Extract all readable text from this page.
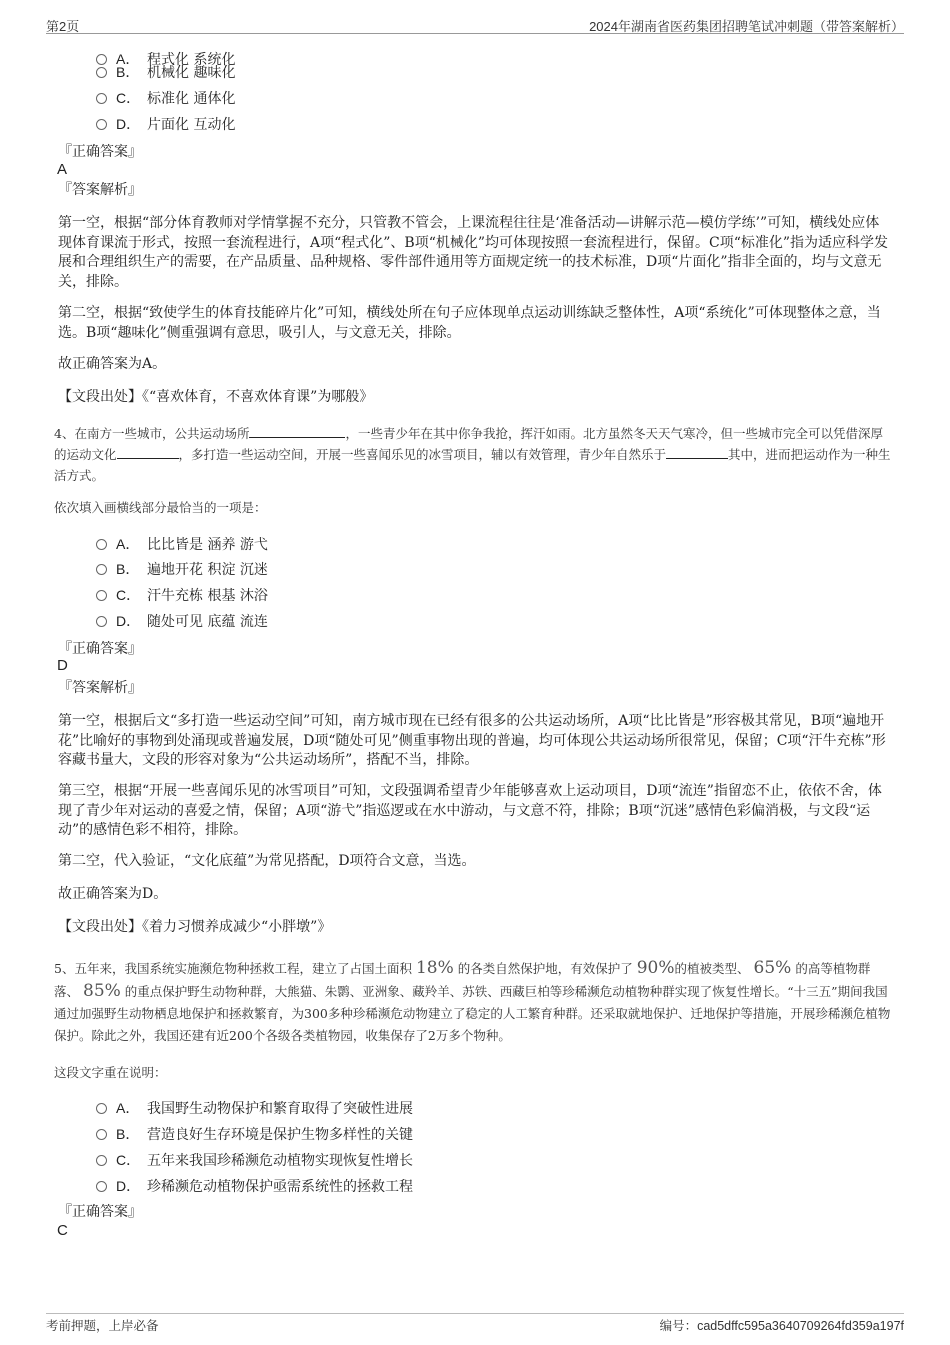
第2页	2024年湖南省医药集团招聘笔试冲刺题（带答案解析）
A． 程式化 系统化
B． 机械化 趣味化
C． 标准化 通体化
D． 片面化 互动化
『正确答案』
A
『答案解析』
第一空，根据“部分体育教师对学情掌握不充分，只管教不管会，上课流程往往是‘准备活动—讲解示范—模仿学练’”可知，横线处应体现体育课流于形式，按照一套流程进行，A项“程式化”、B项“机械化”均可体现按照一套流程进行，保留。C项“标准化”指为适应科学发展和合理组织生产的需要，在产品质量、品种规格、零件部件通用等方面规定统一的技术标准，D项“片面化”指非全面的，均与文意无关，排除。
第二空，根据“致使学生的体育技能碎片化”可知，横线处所在句子应体现单点运动训练缺乏整体性，A项“系统化”可体现整体之意，当选。B项“趣味化”侧重强调有意思，吸引人，与文意无关，排除。
故正确答案为A。
【文段出处】《“喜欢体育，不喜欢体育课”为哪般》
4、在南方一些城市，公共运动场所	，一些青少年在其中你争我抢，挥汗如雨。北方虽然冬天天气寒冷，但一些城市完全可以凭借深厚的运动文化	，多打造一些运动空间，开展一些喜闻乐见的冰雪项目，辅以有效管理，青少年自然乐于	其中，进而把运动作为一种生活方式。
依次填入画横线部分最恰当的一项是：
A． 比比皆是 涵养 游弋
B． 遍地开花 积淀 沉迷
C． 汗牛充栋 根基 沐浴
D． 随处可见 底蕴 流连
『正确答案』
D
『答案解析』
第一空，根据后文“多打造一些运动空间”可知，南方城市现在已经有很多的公共运动场所，A项“比比皆是”形容极其常见，B项“遍地开花”比喻好的事物到处涌现或普遍发展，D项“随处可见”侧重事物出现的普遍，均可体现公共运动场所很常见，保留；C项“汗牛充栋”形容藏书量大，文段的形容对象为“公共运动场所”，搭配不当，排除。
第三空，根据“开展一些喜闻乐见的冰雪项目”可知，文段强调希望青少年能够喜欢上运动项目，D项“流连”指留恋不止，依依不舍，体现了青少年对运动的喜爱之情，保留；A项“游弋”指巡逻或在水中游动，与文意不符，排除；B项“沉迷”感情色彩偏消极，与文段“运动”的感情色彩不相符，排除。
第二空，代入验证，“文化底蕴”为常见搭配，D项符合文意，当选。
故正确答案为D。
【文段出处】《着力习惯养成减少“小胖墩”》
5、五年来，我国系统实施濒危物种拯救工程，建立了占国土面积 18% 的各类自然保护地，有效保护了 90%的植被类型、 65% 的高等植物群落、 85% 的重点保护野生动物种群，大熊猫、朱鹮、亚洲象、藏羚羊、苏铁、西藏巨柏等珍稀濒危动植物种群实现了恢复性增长。“十三五”期间我国通过加强野生动物栖息地保护和拯救繁育，为300多种珍稀濒危动物建立了稳定的人工繁育种群。还采取就地保护、迁地保护等措施，开展珍稀濒危植物保护。除此之外，我国还建有近200个各级各类植物园，收集保存了2万多个物种。
这段文字重在说明：
A． 我国野生动物保护和繁育取得了突破性进展
B． 营造良好生存环境是保护生物多样性的关键
C． 五年来我国珍稀濒危动植物实现恢复性增长
D． 珍稀濒危动植物保护亟需系统性的拯救工程
『正确答案』
C
考前押题，上岸必备	编号：cad5dffc595a3640709264fd359a197f
